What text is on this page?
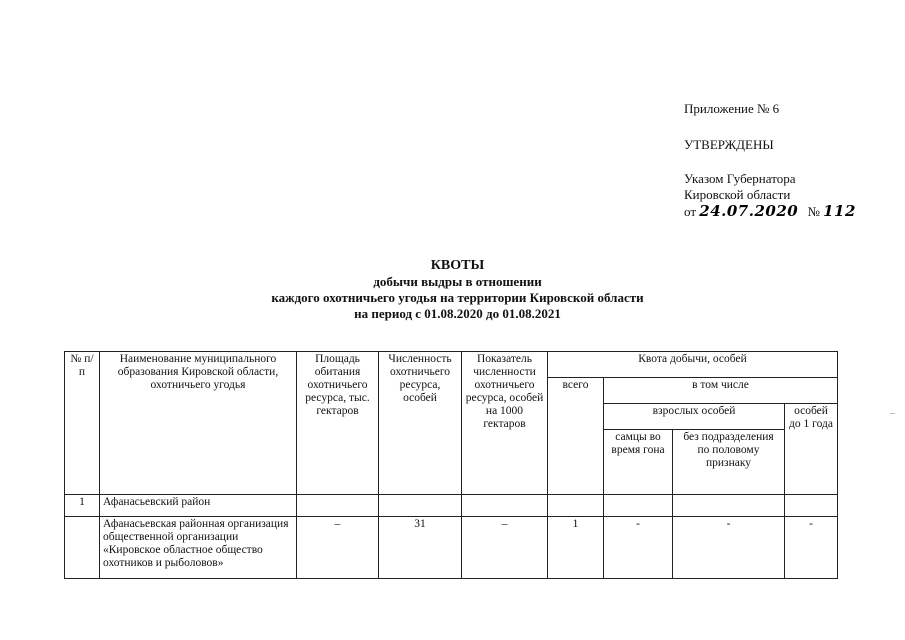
Приложение № 6
УТВЕРЖДЕНЫ
Указом Губернатора
Кировской области
от 24.07.2020 № 112
КВОТЫ
добычи выдры в отношении
каждого охотничьего угодья на территории Кировской области
на период с 01.08.2020 до 01.08.2021
№ п/п	Наименование муниципального образования Кировской области, охотничьего угодья	Площадь обитания охотничьего ресурса, тыс. гектаров	Численность охотничьего ресурса, особей	Показатель численности охотничьего ресурса, особей на 1000 гектаров	Квота добычи, особей			
					всего	в том числе		
						взрослых особей		особей до 1 года
						самцы во время гона	без подразделения по половому признаку	
1	Афанасьевский район							
	Афанасьевская районная организация общественной организации «Кировское областное общество охотников и рыболовов»	–	31	–	1	-	-	-
_
